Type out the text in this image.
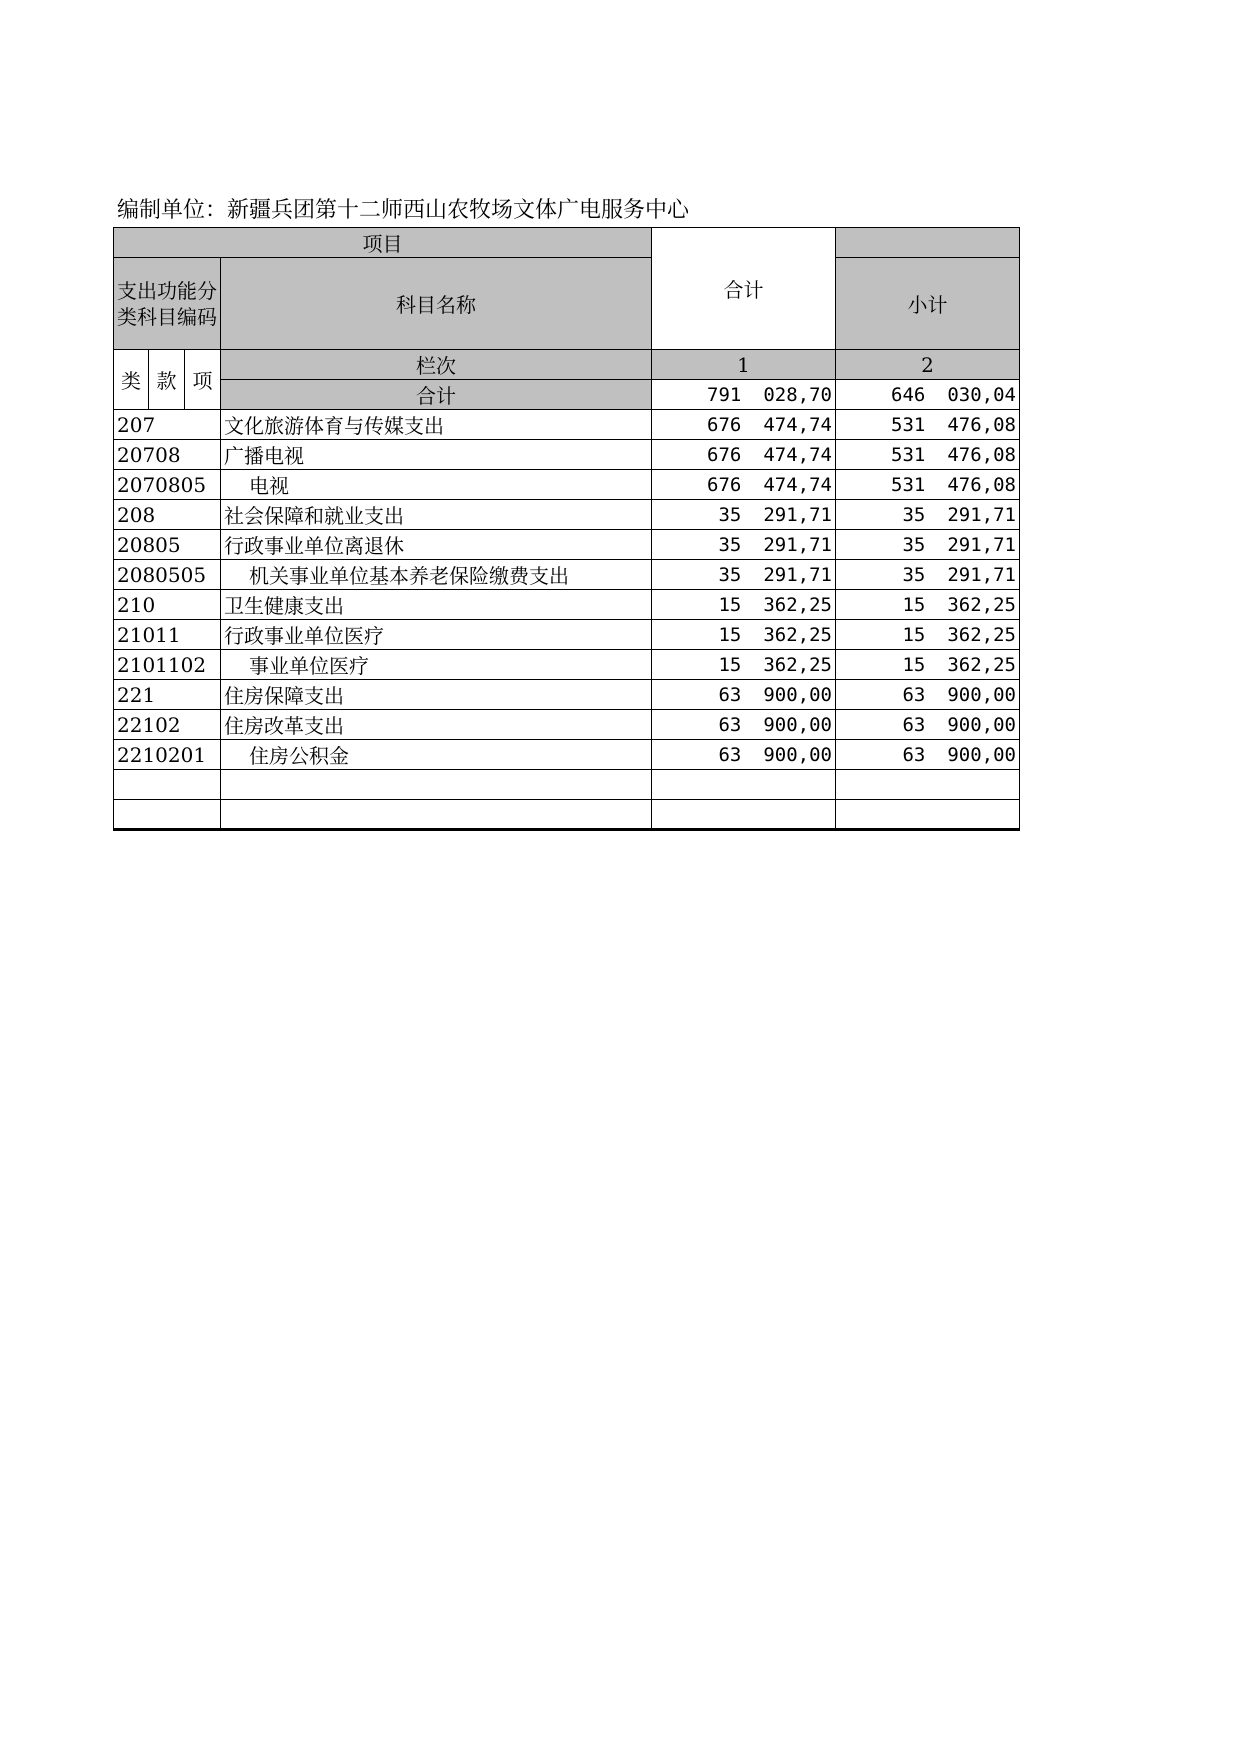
编制单位：新疆兵团第十二师西山农牧场文体广电服务中心
项目				合计	
支出功能分类科目编码			科目名称		小计
类	款	项	栏次	1	2
			合计	791 028,70	646 030,04
207			文化旅游体育与传媒支出	676 474,74	531 476,08
20708			广播电视	676 474,74	531 476,08
2070805			电视	676 474,74	531 476,08
208			社会保障和就业支出	35 291,71	35 291,71
20805			行政事业单位离退休	35 291,71	35 291,71
2080505			机关事业单位基本养老保险缴费支出	35 291,71	35 291,71
210			卫生健康支出	15 362,25	15 362,25
21011			行政事业单位医疗	15 362,25	15 362,25
2101102			事业单位医疗	15 362,25	15 362,25
221			住房保障支出	63 900,00	63 900,00
22102			住房改革支出	63 900,00	63 900,00
2210201			住房公积金	63 900,00	63 900,00
